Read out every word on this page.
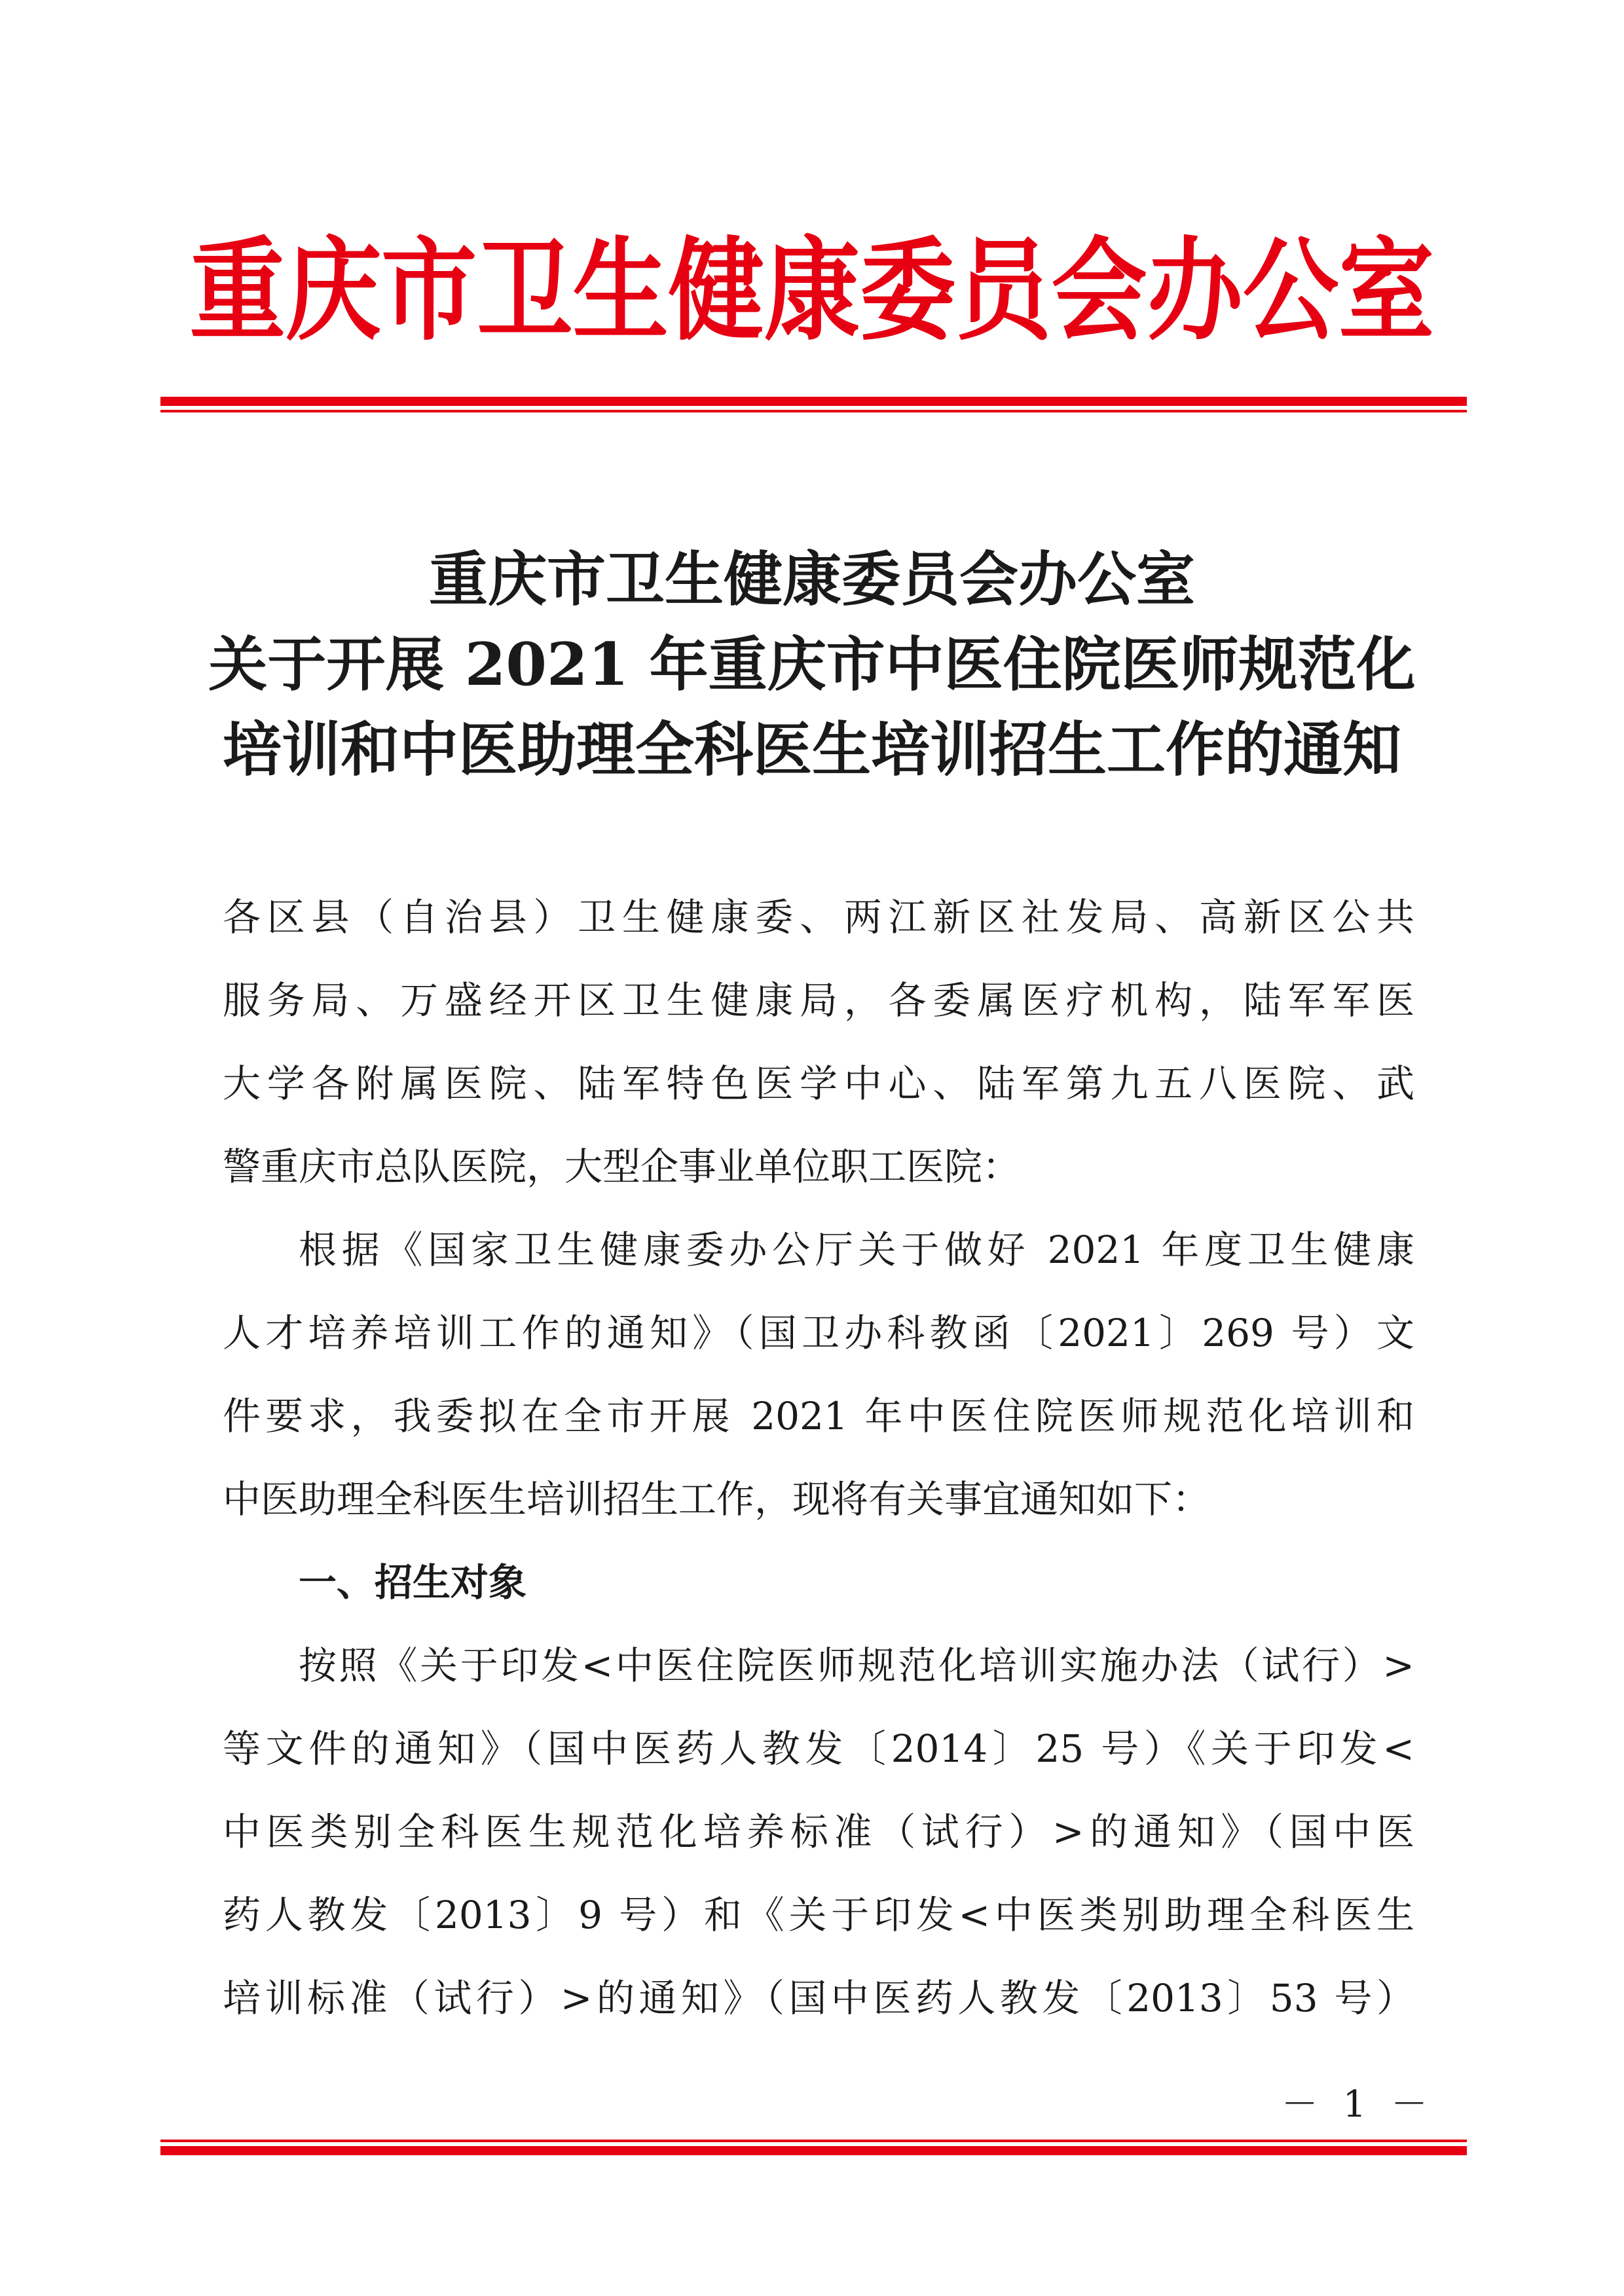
重庆市卫生健康委员会办公室
重庆市卫生健康委员会办公室
关于开展 2021 年重庆市中医住院医师规范化
培训和中医助理全科医生培训招生工作的通知
各区县（自治县）卫生健康委、两江新区社发局、高新区公共
服务局、万盛经开区卫生健康局，各委属医疗机构，陆军军医
大学各附属医院、陆军特色医学中心、陆军第九五八医院、武
警重庆市总队医院，大型企事业单位职工医院：
根据《国家卫生健康委办公厅关于做好 2021 年度卫生健康
人才培养培训工作的通知》（国卫办科教函〔2021〕269 号）文
件要求，我委拟在全市开展 2021 年中医住院医师规范化培训和
中医助理全科医生培训招生工作，现将有关事宜通知如下：
一、招生对象
按照《关于印发<中医住院医师规范化培训实施办法（试行）>
等文件的通知》（国中医药人教发〔2014〕25 号）《关于印发<
中医类别全科医生规范化培养标准（试行）>的通知》（国中医
药人教发〔2013〕9 号）和《关于印发<中医类别助理全科医生
培训标准（试行）>的通知》（国中医药人教发〔2013〕53 号）
－ 1 －
